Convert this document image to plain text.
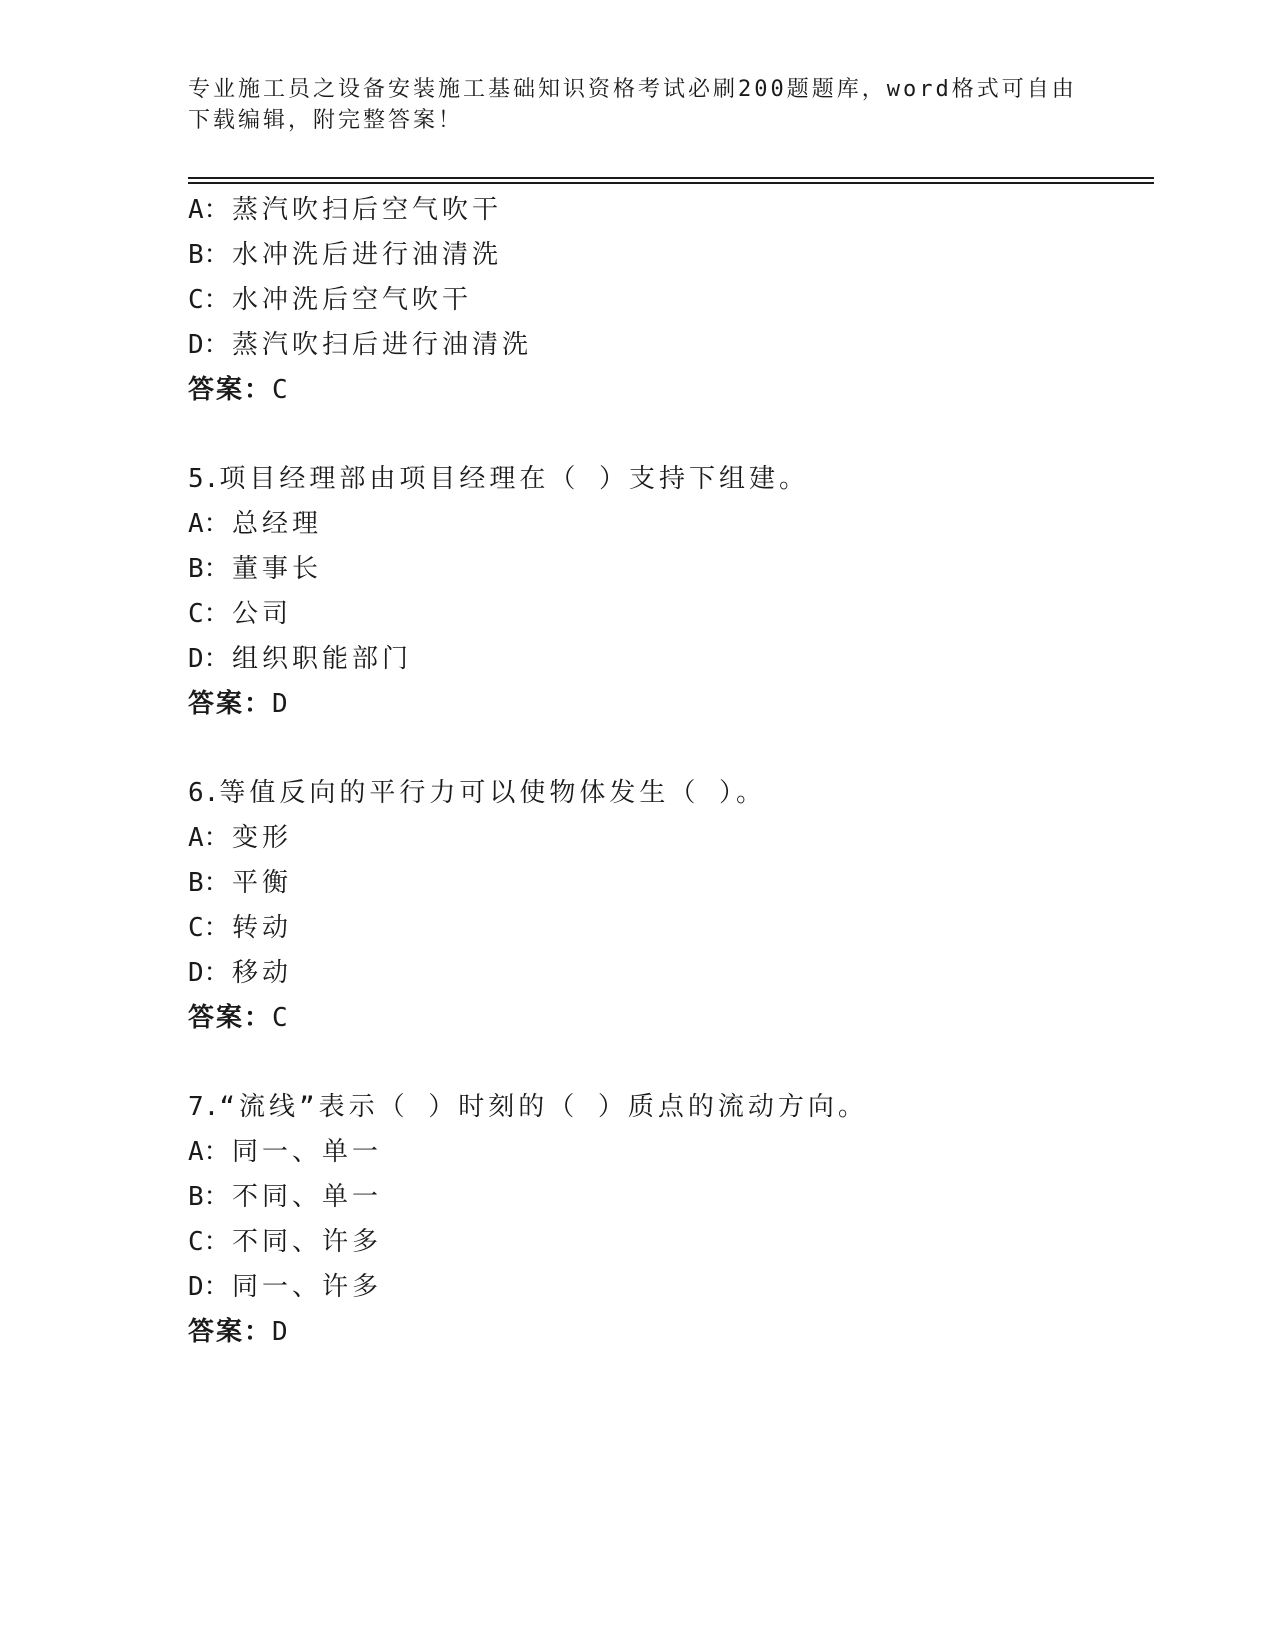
专业施工员之设备安装施工基础知识资格考试必刷200题题库，word格式可自由
下载编辑，附完整答案！
A：蒸汽吹扫后空气吹干
B：水冲洗后进行油清洗
C：水冲洗后空气吹干
D：蒸汽吹扫后进行油清洗
答案：C
5.项目经理部由项目经理在（ ）支持下组建。
A：总经理
B：董事长
C：公司
D：组织职能部门
答案：D
6.等值反向的平行力可以使物体发生（ ）。
A：变形
B：平衡
C：转动
D：移动
答案：C
7.“流线”表示（ ）时刻的（ ）质点的流动方向。
A：同一、单一
B：不同、单一
C：不同、许多
D：同一、许多
答案：D
